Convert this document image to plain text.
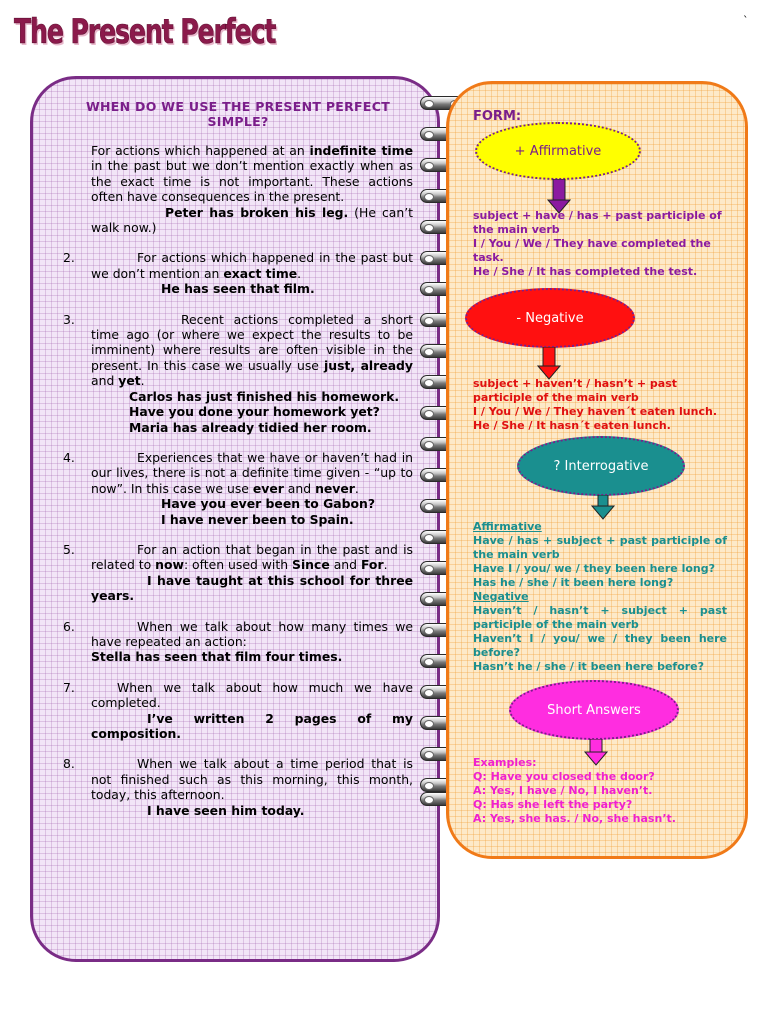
The Present Perfect	`
WHEN DO WE USE THE PRESENT PERFECT SIMPLE?

For actions which happened at an indefinite time in the past but we don’t mention exactly when as the exact time is not important. These actions often have consequences in the present.

Peter has broken his leg. (He can’t walk now.)

2.	For actions which happened in the past but we don’t mention an exact time.

He has seen that film.

3.	Recent actions completed a short time ago (or where we expect the results to be imminent) where results are often visible in the present. In this case we usually use just, already and yet.

Carlos has just finished his homework.

Have you done your homework yet?

Maria has already tidied her room.

4.	Experiences that we have or haven’t had in our lives, there is not a definite time given - “up to now”. In this case we use ever and never.

Have you ever been to Gabon?

I have never been to Spain.

5.	For an action that began in the past and is related to now: often used with Since and For.

I have taught at this school for three years.

6.	When we talk about how many times we have repeated an action:

Stella has seen that film four times.

7.	When we talk about how much we have completed.

I’ve written 2 pages of my composition.

8.	When we talk about a time period that is not finished such as this morning, this month, today, this afternoon.

I have seen him today.

FORM:
+ Affirmative
subject + have / has + past participle of the main verb
I / You / We / They have completed the task.
He / She / It has completed the test.
- Negative
subject + haven’t / hasn’t + past participle of the main verb
I / You / We / They haven´t eaten lunch.
He / She / It hasn´t eaten lunch.
? Interrogative
Affirmative
Have / has + subject + past participle of the main verb
Have I / you/ we / they been here long?
Has he / she / it been here long?
Negative
Haven’t / hasn’t + subject + past participle of the main verb
Haven’t I / you/ we / they been here before?
Hasn’t he / she / it been here before?
Short Answers
Examples:
Q: Have you closed the door?
A: Yes, I have / No, I haven’t.
Q: Has she left the party?
A: Yes, she has. / No, she hasn’t.
